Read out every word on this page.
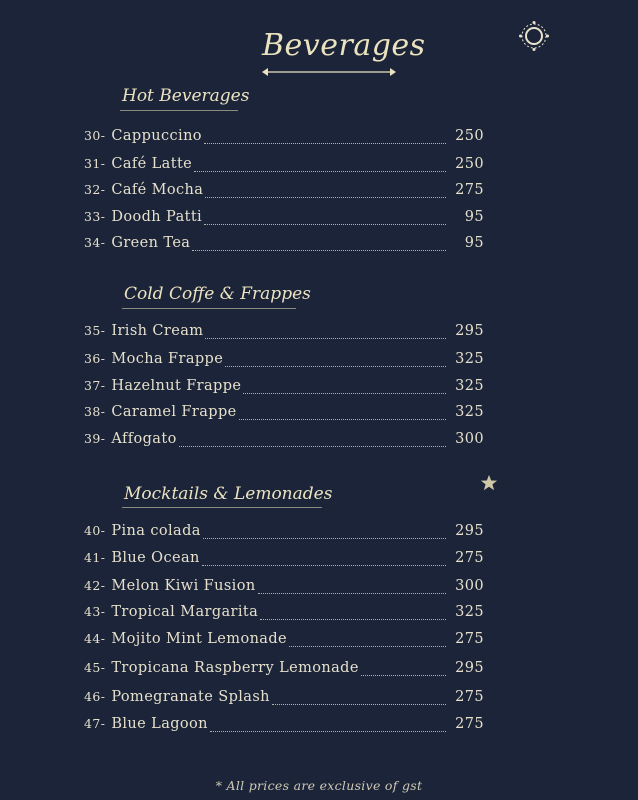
Beverages
Hot Beverages
30- Cappuccino	250
31- Café Latte	250
32- Café Mocha	275
33- Doodh Patti	95
34- Green Tea	95
Cold Coffe & Frappes
35- Irish Cream	295
36- Mocha Frappe	325
37- Hazelnut Frappe	325
38- Caramel Frappe	325
39- Affogato	300
Mocktails & Lemonades
40- Pina colada	295
41- Blue Ocean	275
42- Melon Kiwi Fusion	300
43- Tropical Margarita	325
44- Mojito Mint Lemonade	275
45- Tropicana Raspberry Lemonade	295
46- Pomegranate Splash	275
47- Blue Lagoon	275
* All prices are exclusive of gst
